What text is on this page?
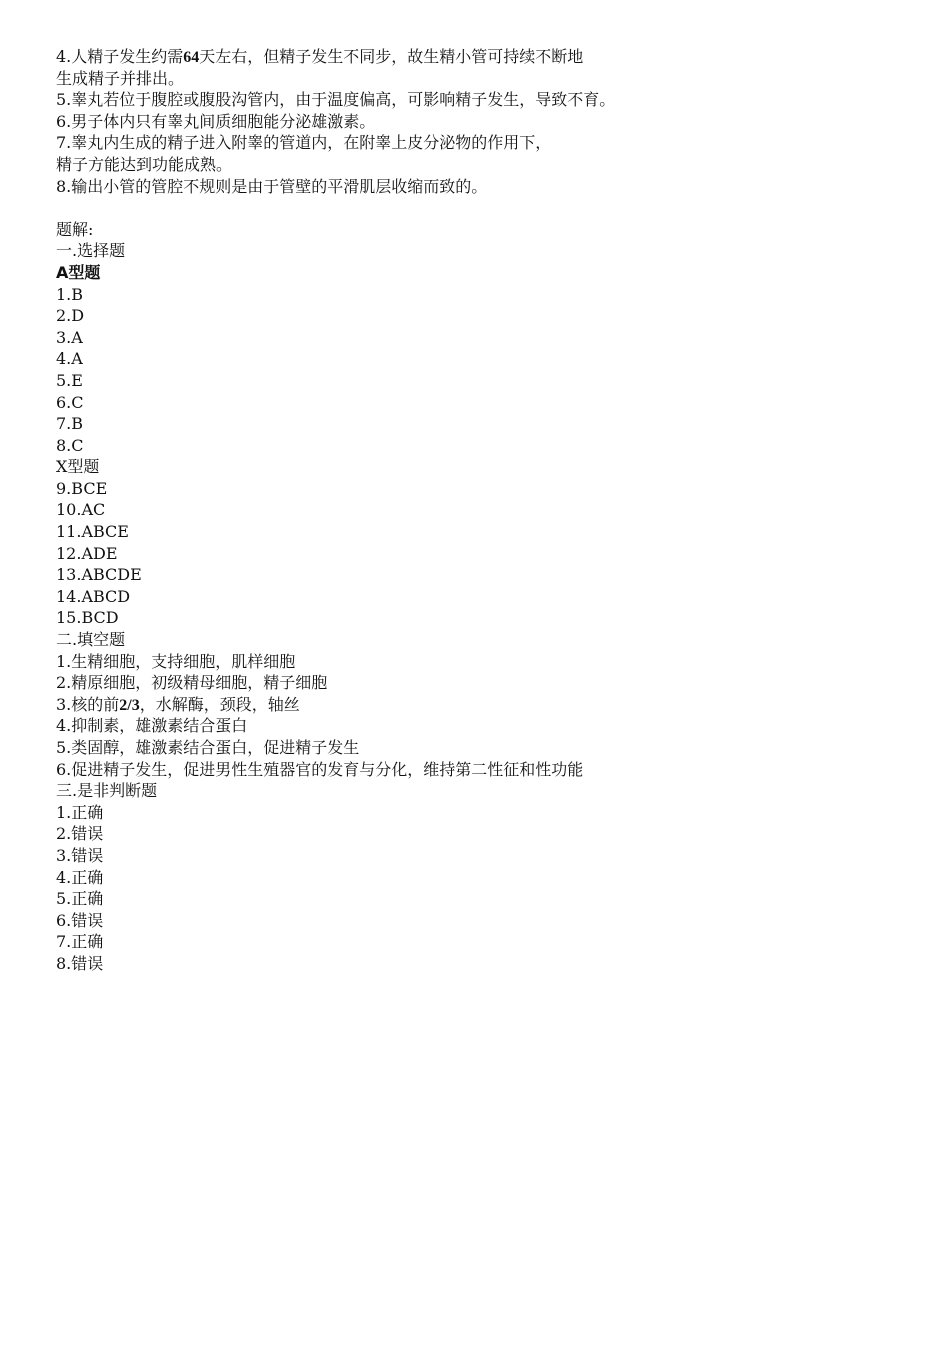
4.人精子发生约需64天左右，但精子发生不同步，故生精小管可持续不断地
生成精子并排出。
5.睾丸若位于腹腔或腹股沟管内，由于温度偏高，可影响精子发生，导致不育。
6.男子体内只有睾丸间质细胞能分泌雄激素。
7.睾丸内生成的精子进入附睾的管道内，在附睾上皮分泌物的作用下，
精子方能达到功能成熟。
8.输出小管的管腔不规则是由于管壁的平滑肌层收缩而致的。
题解:
一.选择题
A型题
1.B
2.D
3.A
4.A
5.E
6.C
7.B
8.C
X型题
9.BCE
10.AC
11.ABCE
12.ADE
13.ABCDE
14.ABCD
15.BCD
二.填空题
1.生精细胞，支持细胞，肌样细胞
2.精原细胞，初级精母细胞，精子细胞
3.核的前2/3，水解酶，颈段，轴丝
4.抑制素，雄激素结合蛋白
5.类固醇，雄激素结合蛋白，促进精子发生
6.促进精子发生，促进男性生殖器官的发育与分化，维持第二性征和性功能
三.是非判断题
1.正确
2.错误
3.错误
4.正确
5.正确
6.错误
7.正确
8.错误
